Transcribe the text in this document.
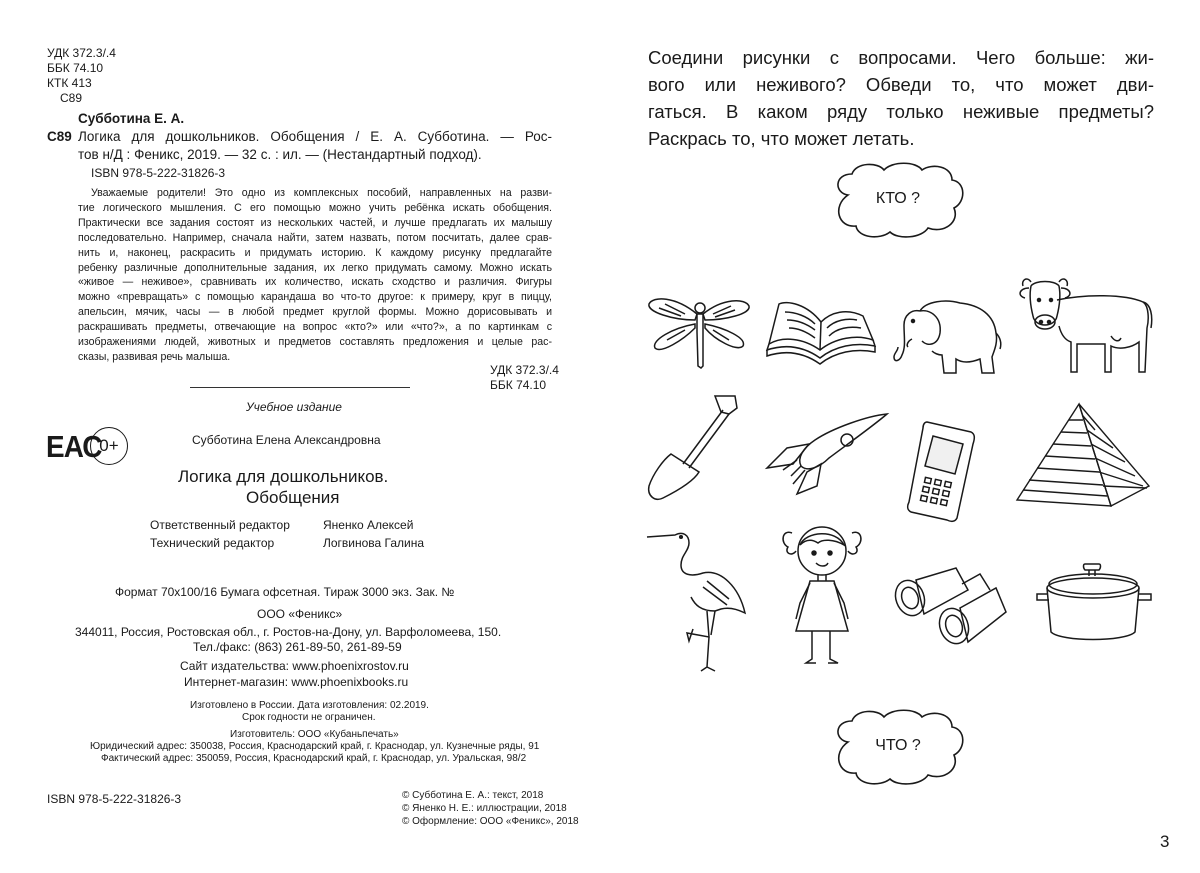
УДК 372.3/.4
ББК 74.10
КТК 413
С89
Субботина Е. А.
С89 Логика для дошкольников. Обобщения / Е. А. Субботина. — Рос-
тов н/Д : Феникс, 2019. — 32 с. : ил. — (Нестандартный подход).
ISBN 978-5-222-31826-3
Уважаемые родители! Это одно из комплексных пособий, направленных на разви-
тие логического мышления. С его помощью можно учить ребёнка искать обобщения.
Практически все задания состоят из нескольких частей, и лучше предлагать их малышу
последовательно. Например, сначала найти, затем назвать, потом посчитать, далее срав-
нить и, наконец, раскрасить и придумать историю. К каждому рисунку предлагайте
ребенку различные дополнительные задания, их легко придумать самому. Можно искать
«живое — неживое», сравнивать их количество, искать сходство и различия. Фигуры
можно «превращать» с помощью карандаша во что-то другое: к примеру, круг в пиццу,
апельсин, мячик, часы — в любой предмет круглой формы. Можно дорисовывать и
раскрашивать предметы, отвечающие на вопрос «кто?» или «что?», а по картинкам с
изображениями людей, животных и предметов составлять предложения и целые рас-
сказы, развивая речь малыша.
УДК 372.3/.4
ББК 74.10
Учебное издание
ЕАС
0+	Субботина Елена Александровна
Логика для дошкольников.
Обобщения
Ответственный редактор	Яненко Алексей
Технический редактор	Логвинова Галина
Формат 70x100/16 Бумага офсетная. Тираж 3000 экз. Зак. №
ООО «Феникс»
344011, Россия, Ростовская обл., г. Ростов-на-Дону, ул. Варфоломеева, 150.
Тел./факс: (863) 261-89-50, 261-89-59
Сайт издательства: www.phoenixrostov.ru
Интернет-магазин: www.phoenixbooks.ru
Изготовлено в России. Дата изготовления: 02.2019.
Срок годности не ограничен.
Изготовитель: ООО «Кубаньпечать»
Юридический адрес: 350038, Россия, Краснодарский край, г. Краснодар, ул. Кузнечные ряды, 91
Фактический адрес: 350059, Россия, Краснодарский край, г. Краснодар, ул. Уральская, 98/2
ISBN 978-5-222-31826-3	© Субботина Е. А.: текст, 2018
© Яненко Н. Е.: иллюстрации, 2018
© Оформление: ООО «Феникс», 2018
Соедини рисунки с вопросами. Чего больше: жи-
вого или неживого? Обведи то, что может дви-
гаться. В каком ряду только неживые предметы?
Раскрась то, что может летать.
КТО ?
ЧТО ?
3
